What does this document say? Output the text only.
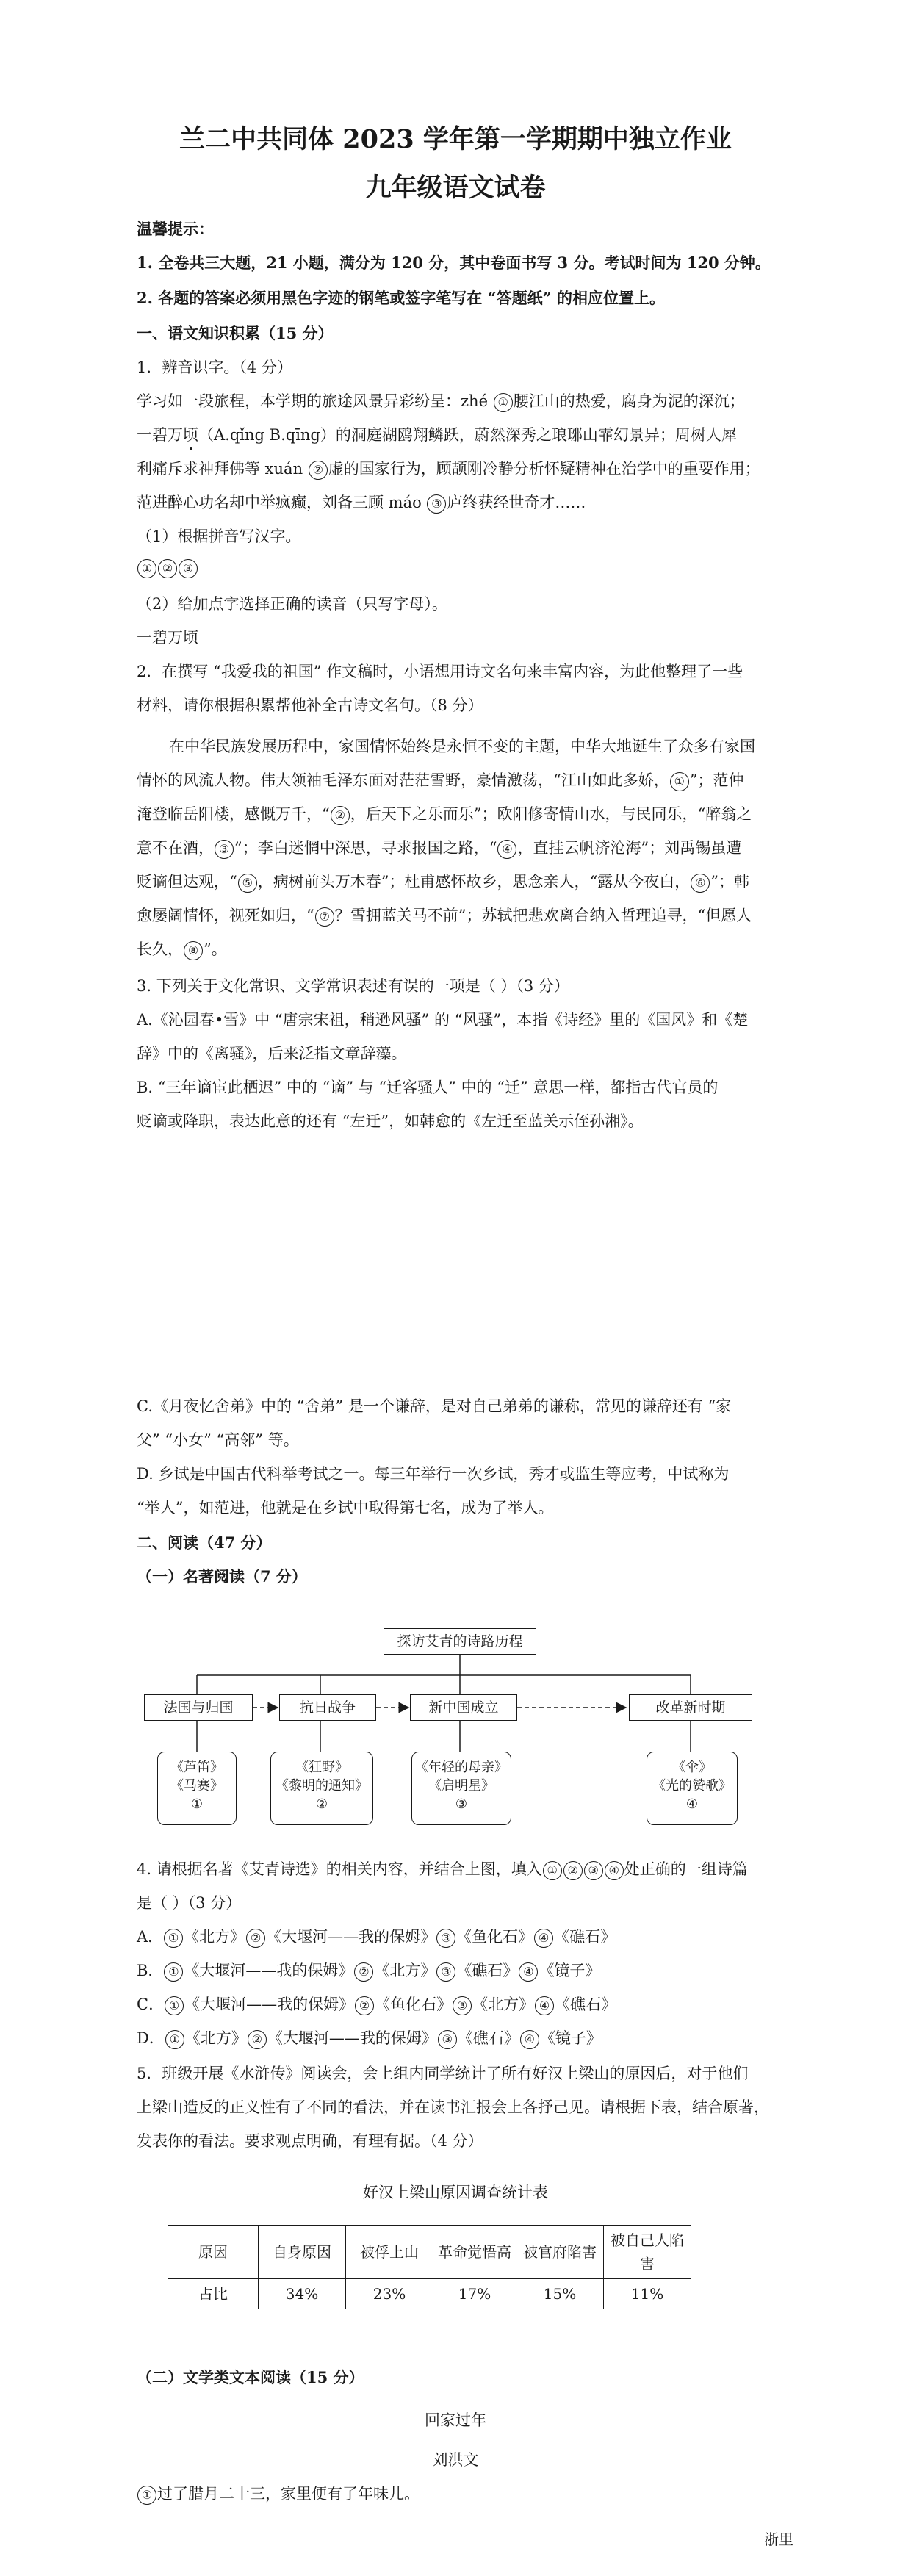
兰二中共同体 2023 学年第一学期期中独立作业
九年级语文试卷
温馨提示：
1. 全卷共三大题，21 小题，满分为 120 分，其中卷面书写 3 分。考试时间为 120 分钟。
2. 各题的答案必须用黑色字迹的钢笔或签字笔写在 “答题纸” 的相应位置上。
一、语文知识积累（15 分）
1．辨音识字。（4 分）
学习如一段旅程，本学期的旅途风景异彩纷呈：zhé ① 腰江山的热爱，腐身为泥的深沉；
一碧万顷（A.qǐng B.qīng）的洞庭湖鸥翔鳞跃，蔚然深秀之琅琊山霏幻景异；周树人犀
利痛斥求神拜佛等 xuán ② 虚的国家行为，顾颉刚冷静分析怀疑精神在治学中的重要作用；
范进醉心功名却中举疯癫，刘备三顾 máo ③ 庐终获经世奇才……
（1）根据拼音写汉字。
① ② ③
（2）给加点字选择正确的读音（只写字母）。
一碧万顷
2．在撰写 “我爱我的祖国” 作文稿时，小语想用诗文名句来丰富内容，为此他整理了一些
材料，请你根据积累帮他补全古诗文名句。（8 分）
在中华民族发展历程中，家国情怀始终是永恒不变的主题，中华大地诞生了众多有家国
情怀的风流人物。伟大领袖毛泽东面对茫茫雪野，豪情激荡，“江山如此多娇， ① ”；范仲
淹登临岳阳楼，感慨万千，“ ② ，后天下之乐而乐”；欧阳修寄情山水，与民同乐，“醉翁之
意不在酒， ③ ”；李白迷惘中深思，寻求报国之路，“ ④ ，直挂云帆济沧海”；刘禹锡虽遭
贬谪但达观，“ ⑤ ，病树前头万木春”；杜甫感怀故乡，思念亲人，“露从今夜白， ⑥ ”；韩
愈屡阔情怀，视死如归，“ ⑦ ？雪拥蓝关马不前”；苏轼把悲欢离合纳入哲理追寻，“但愿人
长久， ⑧ ”。
3. 下列关于文化常识、文学常识表述有误的一项是（ ）（3 分）
A.《沁园春•雪》中 “唐宗宋祖，稍逊风骚” 的 “风骚”，本指《诗经》里的《国风》和《楚
辞》中的《离骚》，后来泛指文章辞藻。
B. “三年谪宦此栖迟” 中的 “谪” 与 “迁客骚人” 中的 “迁” 意思一样，都指古代官员的
贬谪或降职，表达此意的还有 “左迁”，如韩愈的《左迁至蓝关示侄孙湘》。
C.《月夜忆舍弟》中的 “舍弟” 是一个谦辞，是对自己弟弟的谦称，常见的谦辞还有 “家
父” “小女” “高邻” 等。
D. 乡试是中国古代科举考试之一。每三年举行一次乡试，秀才或监生等应考，中试称为
“举人”，如范进，他就是在乡试中取得第七名，成为了举人。
二、阅读（47 分）
（一）名著阅读（7 分）
探访艾青的诗路历程
法国与归国	抗日战争	新中国成立	改革新时期
《芦笛》
《马赛》
①
《狂野》
《黎明的通知》
②
《年轻的母亲》
《启明星》
③
《伞》
《光的赞歌》
④
4. 请根据名著《艾青诗选》的相关内容，并结合上图，填入 ① ② ③ ④ 处正确的一组诗篇
是（ ）（3 分）
A． ① 《北方》 ② 《大堰河——我的保姆》 ③ 《鱼化石》 ④ 《礁石》
B． ① 《大堰河——我的保姆》 ② 《北方》 ③ 《礁石》 ④ 《镜子》
C． ① 《大堰河——我的保姆》 ② 《鱼化石》 ③ 《北方》 ④ 《礁石》
D． ① 《北方》 ② 《大堰河——我的保姆》 ③ 《礁石》 ④ 《镜子》
5．班级开展《水浒传》阅读会，会上组内同学统计了所有好汉上梁山的原因后，对于他们
上梁山造反的正义性有了不同的看法，并在读书汇报会上各抒己见。请根据下表，结合原著，
发表你的看法。要求观点明确，有理有据。（4 分）
好汉上梁山原因调查统计表
原因	自身原因	被俘上山	革命觉悟高	被官府陷害	被自己人陷害
占比	34%	23%	17%	15%	11%
（二）文学类文本阅读（15 分）
回家过年
刘洪文
① 过了腊月二十三，家里便有了年味儿。
浙里
